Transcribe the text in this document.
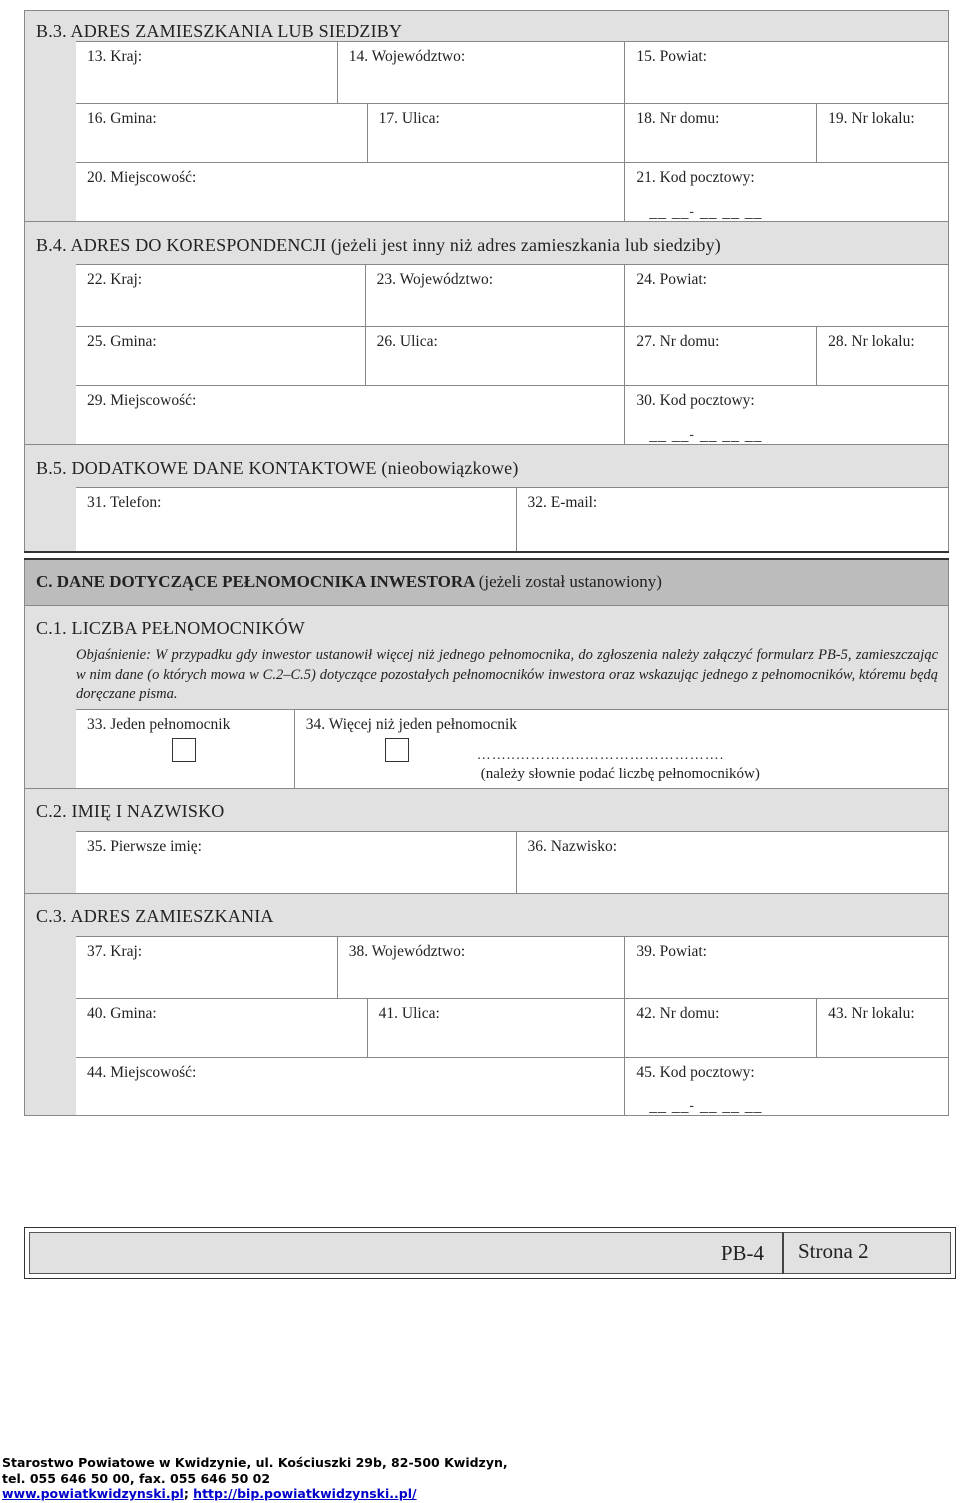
B.3. ADRES ZAMIESZKANIA LUB SIEDZIBY
13. Kraj:	14. Województwo:	15. Powiat:
16. Gmina:	17. Ulica:	18. Nr domu:	19. Nr lokalu:
20. Miejscowość:	21. Kod pocztowy:
__ __- __ __ __
B.4. ADRES DO KORESPONDENCJI (jeżeli jest inny niż adres zamieszkania lub siedziby)
22. Kraj:	23. Województwo:	24. Powiat:
25. Gmina:	26. Ulica:	27. Nr domu:	28. Nr lokalu:
29. Miejscowość:	30. Kod pocztowy:
__ __- __ __ __
B.5. DODATKOWE DANE KONTAKTOWE (nieobowiązkowe)
31. Telefon:	32. E-mail:
C. DANE DOTYCZĄCE PEŁNOMOCNIKA INWESTORA (jeżeli został ustanowiony)
C.1. LICZBA PEŁNOMOCNIKÓW
Objaśnienie: W przypadku gdy inwestor ustanowił więcej niż jednego pełnomocnika, do zgłoszenia należy załączyć formularz PB-5, zamieszczając w nim dane (o których mowa w C.2–C.5) dotyczące pozostałych pełnomocników inwestora oraz wskazując jednego z pełnomocników, któremu będą doręczane pisma.
33. Jeden pełnomocnik	34. Więcej niż jeden pełnomocnik
……..…………..……………………….
(należy słownie podać liczbę pełnomocników)
C.2. IMIĘ I NAZWISKO
35. Pierwsze imię:	36. Nazwisko:
C.3. ADRES ZAMIESZKANIA
37. Kraj:	38. Województwo:	39. Powiat:
40. Gmina:	41. Ulica:	42. Nr domu:	43. Nr lokalu:
44. Miejscowość:	45. Kod pocztowy:
__ __- __ __ __
PB-4	Strona 2
Starostwo Powiatowe w Kwidzynie, ul. Kościuszki 29b, 82-500 Kwidzyn,
tel. 055 646 50 00, fax. 055 646 50 02
www.powiatkwidzynski.pl; http://bip.powiatkwidzynski..pl/
